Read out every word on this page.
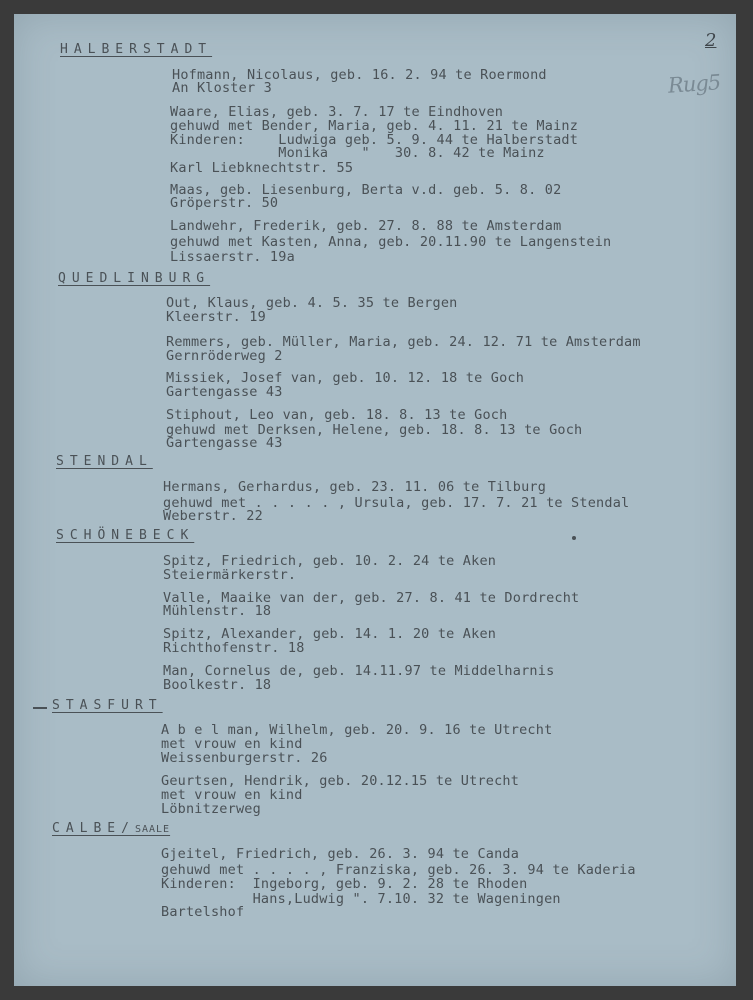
2
Rug5
HALBERSTADT
Hofmann, Nicolaus, geb. 16. 2. 94 te Roermond
An Kloster 3
Waare, Elias, geb. 3. 7. 17 te Eindhoven
gehuwd met Bender, Maria, geb. 4. 11. 21 te Mainz
Kinderen:    Ludwiga geb. 5. 9. 44 te Halberstadt
Monika    "   30. 8. 42 te Mainz
Karl Liebknechtstr. 55
Maas, geb. Liesenburg, Berta v.d. geb. 5. 8. 02
Gröperstr. 50
Landwehr, Frederik, geb. 27. 8. 88 te Amsterdam
gehuwd met Kasten, Anna, geb. 20.11.90 te Langenstein
Lissaerstr. 19a
QUEDLINBURG
Out, Klaus, geb. 4. 5. 35 te Bergen
Kleerstr. 19
Remmers, geb. Müller, Maria, geb. 24. 12. 71 te Amsterdam
Gernröderweg 2
Missiek, Josef van, geb. 10. 12. 18 te Goch
Gartengasse 43
Stiphout, Leo van, geb. 18. 8. 13 te Goch
gehuwd met Derksen, Helene, geb. 18. 8. 13 te Goch
Gartengasse 43
STENDAL
Hermans, Gerhardus, geb. 23. 11. 06 te Tilburg
gehuwd met . . . . . , Ursula, geb. 17. 7. 21 te Stendal
Weberstr. 22
SCHÖNEBECK
Spitz, Friedrich, geb. 10. 2. 24 te Aken
Steiermärkerstr.
Valle, Maaike van der, geb. 27. 8. 41 te Dordrecht
Mühlenstr. 18
Spitz, Alexander, geb. 14. 1. 20 te Aken
Richthofenstr. 18
Man, Cornelus de, geb. 14.11.97 te Middelharnis
Boolkestr. 18
STASFURT
A b e l man, Wilhelm, geb. 20. 9. 16 te Utrecht
met vrouw en kind
Weissenburgerstr. 26
Geurtsen, Hendrik, geb. 20.12.15 te Utrecht
met vrouw en kind
Löbnitzerweg
CALBE/SAALE
Gjeitel, Friedrich, geb. 26. 3. 94 te Canda
gehuwd met . . . . , Franziska, geb. 26. 3. 94 te Kaderia
Kinderen:  Ingeborg, geb. 9. 2. 28 te Rhoden
Hans,Ludwig ". 7.10. 32 te Wageningen
Bartelshof
